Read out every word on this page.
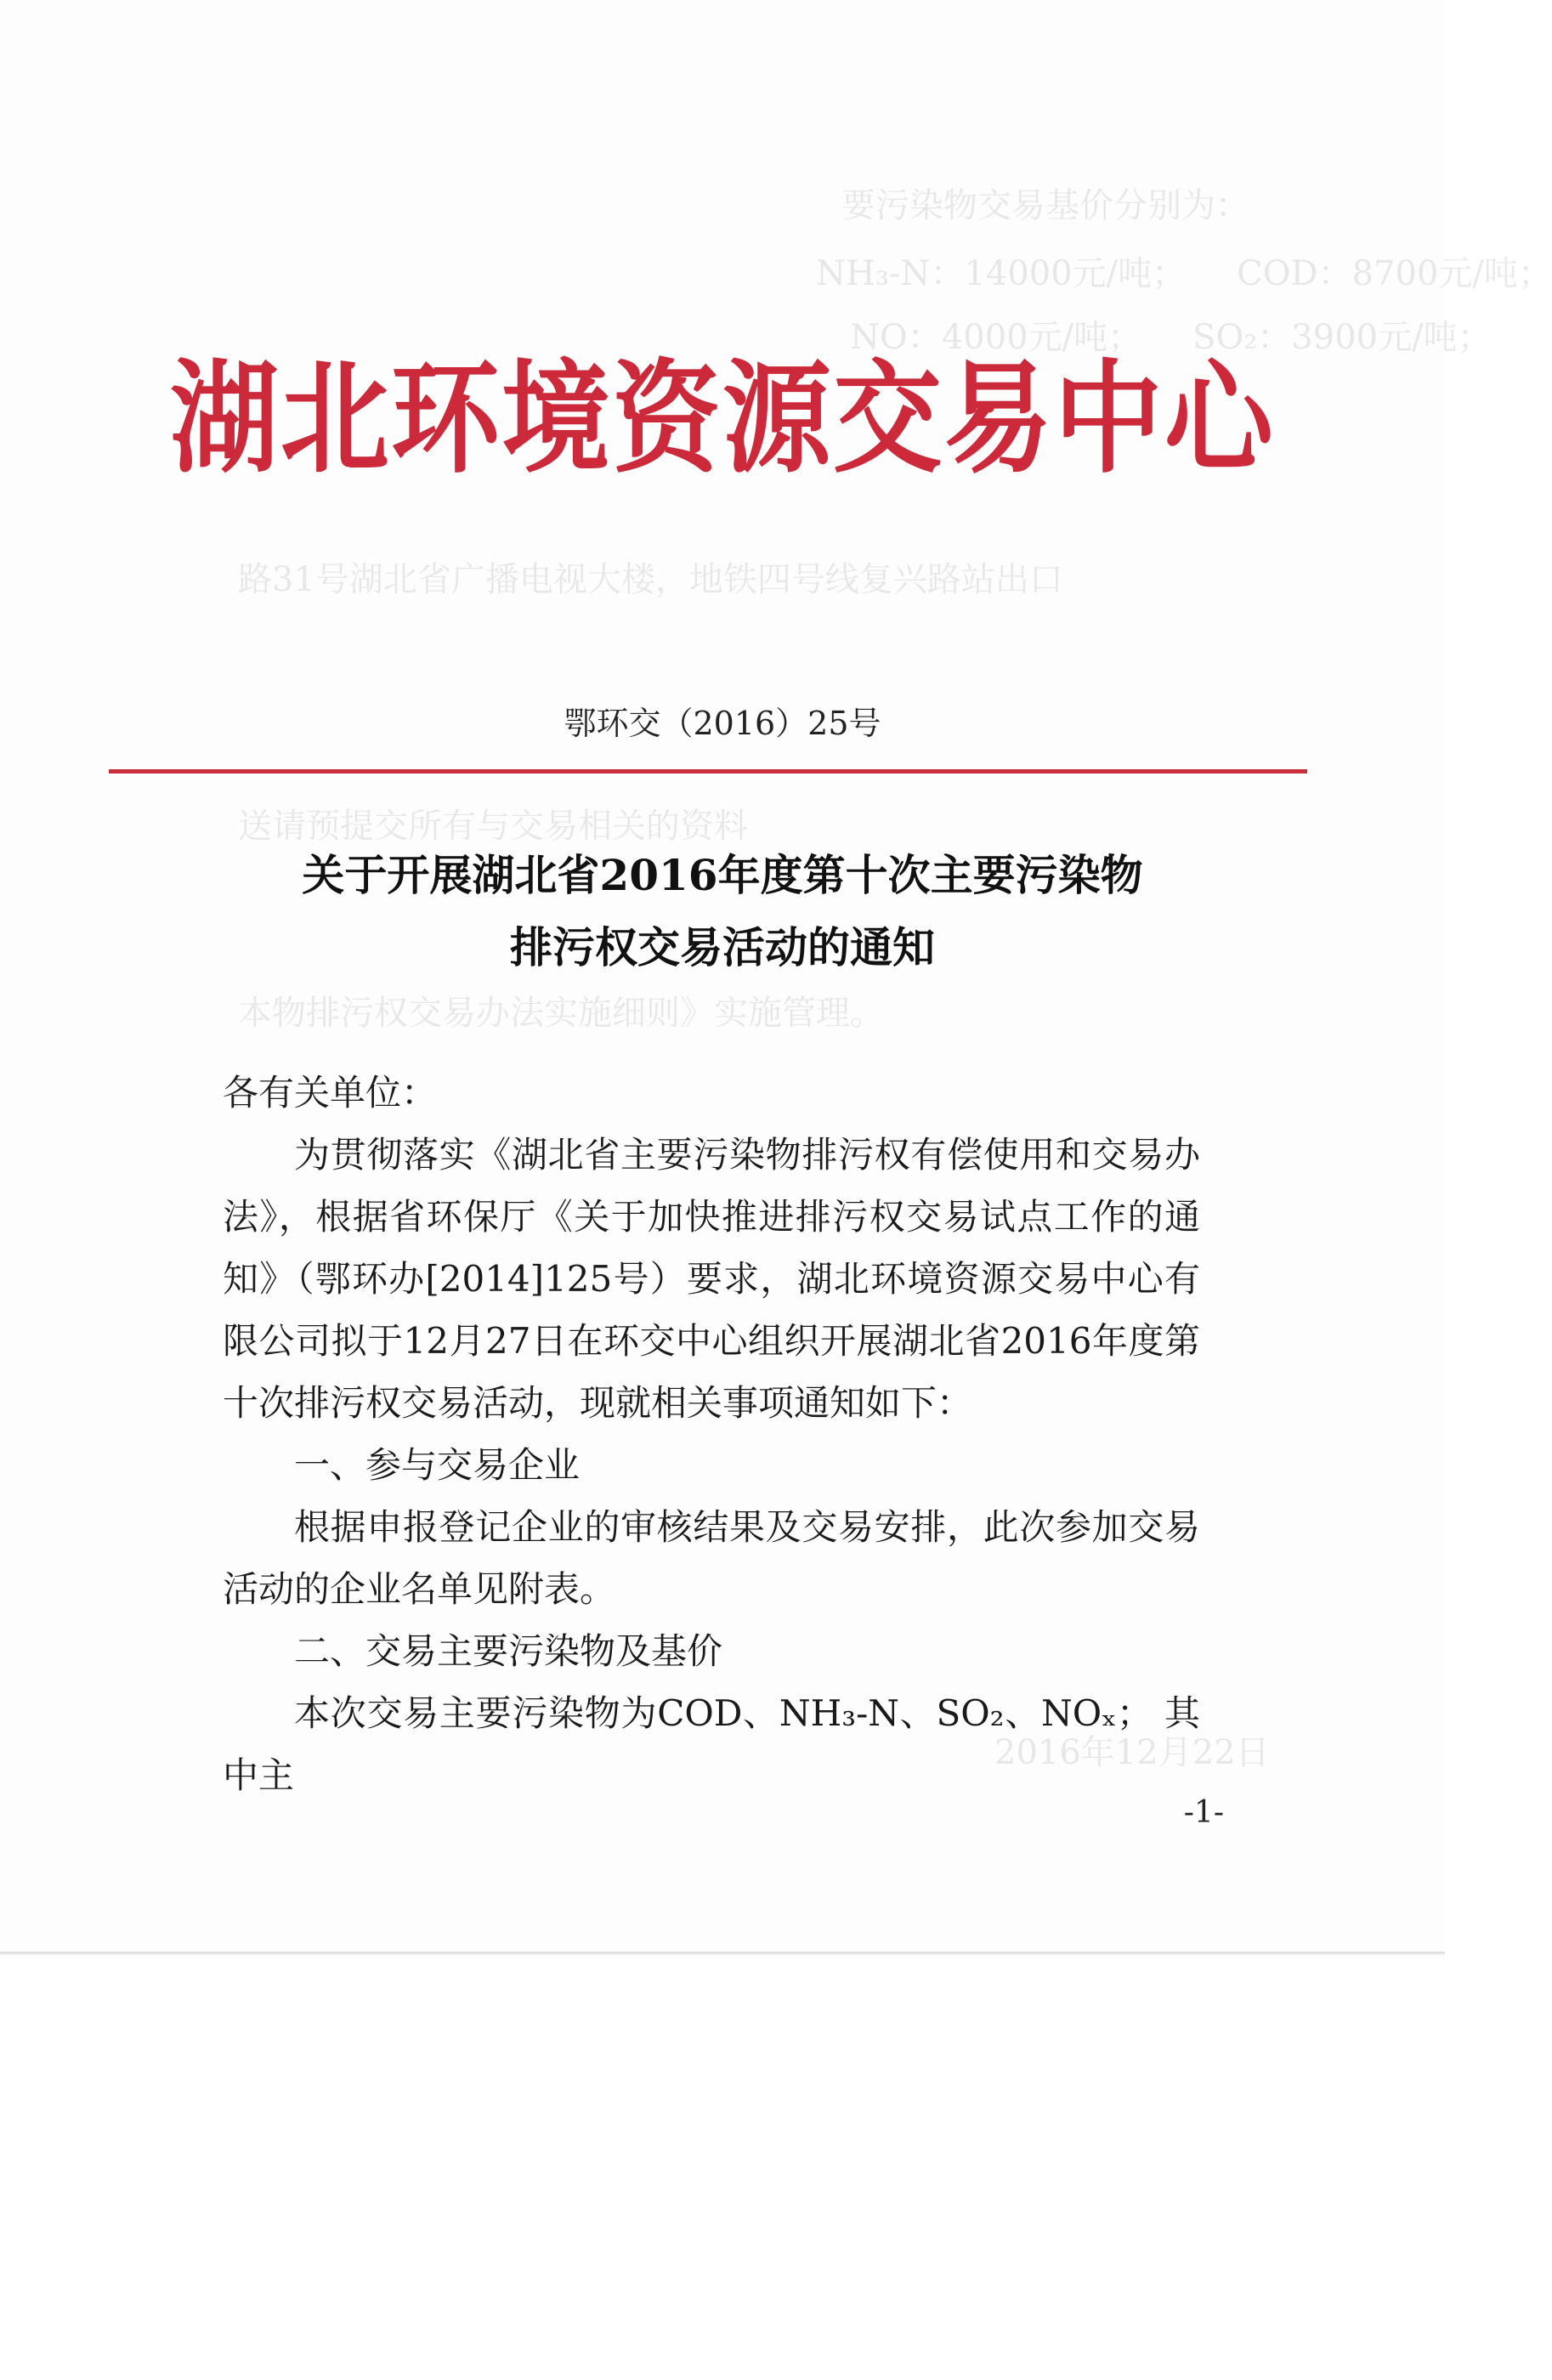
要污染物交易基价分别为：
NH₃-N：14000元/吨；　　COD：8700元/吨；
NO：4000元/吨；　　SO₂：3900元/吨；
路31号湖北省广播电视大楼，地铁四号线复兴路站出口
送请预提交所有与交易相关的资料
本物排污权交易办法实施细则》实施管理。
2016年12月22日
湖北环境资源交易中心
鄂环交（2016）25号
关于开展湖北省2016年度第十次主要污染物
排污权交易活动的通知
各有关单位：
为贯彻落实《湖北省主要污染物排污权有偿使用和交易办法》，根据省环保厅《关于加快推进排污权交易试点工作的通知》（鄂环办[2014]125号）要求，湖北环境资源交易中心有限公司拟于12月27日在环交中心组织开展湖北省2016年度第十次排污权交易活动，现就相关事项通知如下：
一、参与交易企业
根据申报登记企业的审核结果及交易安排，此次参加交易活动的企业名单见附表。
二、交易主要污染物及基价
本次交易主要污染物为COD、NH₃-N、SO₂、NOₓ； 其中主
-1-
